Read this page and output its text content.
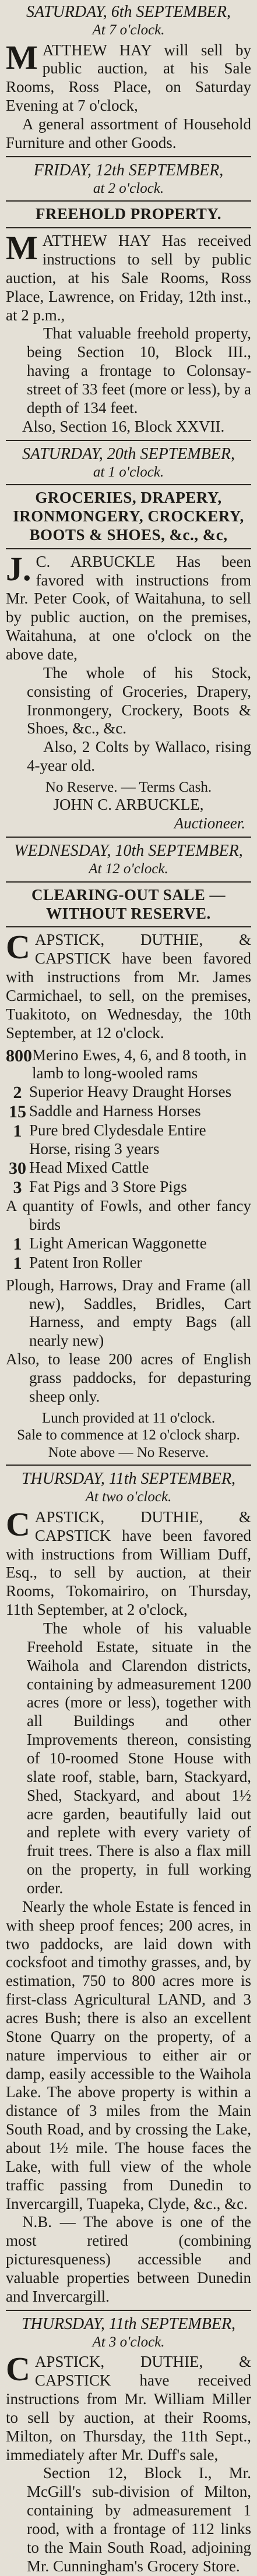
SATURDAY, 6th SEPTEMBER,
At 7 o'clock.

MATTHEW HAY will sell by public auction, at his Sale Rooms, Ross Place, on Saturday Evening at 7 o'clock,

A general assortment of Household Furniture and other Goods.

FRIDAY, 12th SEPTEMBER,
at 2 o'clock.
FREEHOLD PROPERTY.

MATTHEW HAY Has received instructions to sell by public auction, at his Sale Rooms, Ross Place, Lawrence, on Friday, 12th inst., at 2 p.m.,

That valuable freehold property, being Section 10, Block III., having a frontage to Colonsay-street of 33 feet (more or less), by a depth of 134 feet.

Also, Section 16, Block XXVII.

SATURDAY, 20th SEPTEMBER,
at 1 o'clock.
GROCERIES, DRAPERY, IRONMONGERY, CROCKERY, BOOTS & SHOES, &c., &c,

J. C. ARBUCKLE Has been favored with instructions from Mr. Peter Cook, of Waitahuna, to sell by public auction, on the premises, Waitahuna, at one o'clock on the above date,

The whole of his Stock, consisting of Groceries, Drapery, Ironmongery, Crockery, Boots & Shoes, &c., &c.

Also, 2 Colts by Wallaco, rising 4-year old.

No Reserve. — Terms Cash.
JOHN C. ARBUCKLE,
Auctioneer.
WEDNESDAY, 10th SEPTEMBER,
At 12 o'clock.
CLEARING-OUT SALE — WITHOUT RESERVE.

CAPSTICK, DUTHIE, & CAPSTICK have been favored with instructions from Mr. James Carmichael, to sell, on the premises, Tuakitoto, on Wednesday, the 10th September, at 12 o'clock.

800 Merino Ewes, 4, 6, and 8 tooth, in lamb to long-wooled rams
2 Superior Heavy Draught Horses
15 Saddle and Harness Horses
1 Pure bred Clydesdale Entire Horse, rising 3 years
30 Head Mixed Cattle
3 Fat Pigs and 3 Store Pigs

A quantity of Fowls, and other fancy birds

1 Light American Waggonette
1 Patent Iron Roller

Plough, Harrows, Dray and Frame (all new), Saddles, Bridles, Cart Harness, and empty Bags (all nearly new)

Also, to lease 200 acres of English grass paddocks, for depasturing sheep only.

Lunch provided at 11 o'clock.
Sale to commence at 12 o'clock sharp.
Note above — No Reserve.
THURSDAY, 11th SEPTEMBER,
At two o'clock.

CAPSTICK, DUTHIE, & CAPSTICK have been favored with instructions from William Duff, Esq., to sell by auction, at their Rooms, Tokomairiro, on Thursday, 11th September, at 2 o'clock,

The whole of his valuable Freehold Estate, situate in the Waihola and Clarendon districts, containing by admeasurement 1200 acres (more or less), together with all Buildings and other Improvements thereon, consisting of 10-roomed Stone House with slate roof, stable, barn, Stackyard, Shed, Stackyard, and about 1½ acre garden, beautifully laid out and replete with every variety of fruit trees. There is also a flax mill on the property, in full working order.

Nearly the whole Estate is fenced in with sheep proof fences; 200 acres, in two paddocks, are laid down with cocksfoot and timothy grasses, and, by estimation, 750 to 800 acres more is first-class Agricultural LAND, and 3 acres Bush; there is also an excellent Stone Quarry on the property, of a nature impervious to either air or damp, easily accessible to the Waihola Lake. The above property is within a distance of 3 miles from the Main South Road, and by crossing the Lake, about 1½ mile. The house faces the Lake, with full view of the whole traffic passing from Dunedin to Invercargill, Tuapeka, Clyde, &c., &c.

N.B. — The above is one of the most retired (combining picturesqueness) accessible and valuable properties between Dunedin and Invercargill.

THURSDAY, 11th SEPTEMBER,
At 3 o'clock.

CAPSTICK, DUTHIE, & CAPSTICK have received instructions from Mr. William Miller to sell by auction, at their Rooms, Milton, on Thursday, the 11th Sept., immediately after Mr. Duff's sale,

Section 12, Block I., Mr. McGill's sub-division of Milton, containing by admeasurement 1 rood, with a frontage of 112 links to the Main South Road, adjoining Mr. Cunningham's Grocery Store.
